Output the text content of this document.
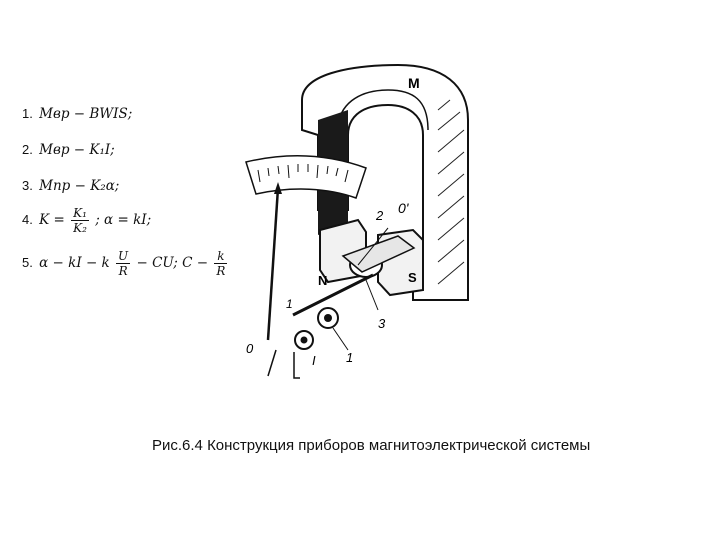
1. Mвр − BWIS;
2. Mвр − K₁I;
3. Mпр − K₂α;
4. $K = \frac{\text{K₁}}{\text{K₂}}$ ; α = kI;
5. α − kI − k $\frac{U}{R}$ − CU; $C - \frac{k}{R}$
M
N	S
0'
2
3
1
0
1
I
Рис.6.4 Конструкция приборов магнитоэлектрической системы
